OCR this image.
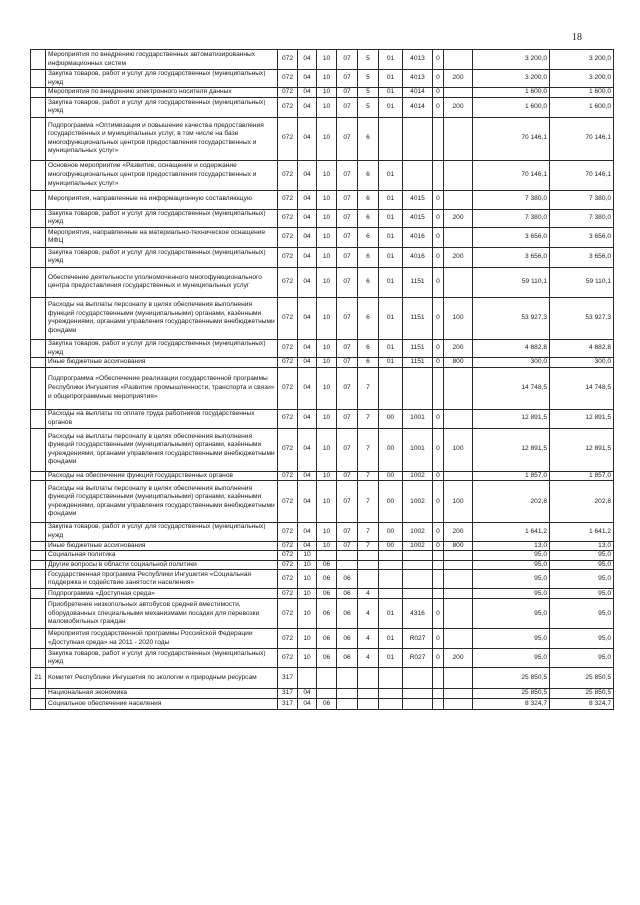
18
	Мероприятия по внедрению государственных автоматизированных информационных систем	072	04	10	07	5	01	4013	0		3 200,0	3 200,0
	Закупка товаров, работ и услуг для государственных (муниципальных) нужд	072	04	10	07	5	01	4013	0	200	3 200,0	3 200,0
	Мероприятия по внедрению электронного носителя данных	072	04	10	07	5	01	4014	0		1 600,0	1 600,0
	Закупка товаров, работ и услуг для государственных (муниципальных) нужд	072	04	10	07	5	01	4014	0	200	1 600,0	1 600,0
	Подпрограмма «Оптимизация и повышение качества предоставления государственных и муниципальных услуг, в том числе на базе многофункциональных центров предоставления государственных и муниципальных услуг»	072	04	10	07	6					70 146,1	70 146,1
	Основное мероприятие «Развитие, оснащение и содержание многофункциональных центров предоставления государственных и муниципальных услуг»	072	04	10	07	6	01				70 146,1	70 146,1
	Мероприятия, направленные на информационную составляющую	072	04	10	07	6	01	4015	0		7 380,0	7 380,0
	Закупка товаров, работ и услуг для государственных (муниципальных) нужд	072	04	10	07	6	01	4015	0	200	7 380,0	7 380,0
	Мероприятия, направленные на материально-техническое оснащение МФЦ	072	04	10	07	6	01	4016	0		3 656,0	3 656,0
	Закупка товаров, работ и услуг для государственных (муниципальных) нужд	072	04	10	07	6	01	4016	0	200	3 656,0	3 656,0
	Обеспечение деятельности уполномоченного многофункционального центра предоставления государственных и муниципальных услуг	072	04	10	07	6	01	1151	0		59 110,1	59 110,1
	Расходы на выплаты персоналу в целях обеспечения выполнения функций государственными (муниципальными) органами, казёнными учреждениями, органами управления государственными внебюджетными фондами	072	04	10	07	6	01	1151	0	100	53 927,3	53 927,3
	Закупка товаров, работ и услуг для государственных (муниципальных) нужд	072	04	10	07	6	01	1151	0	200	4 882,8	4 882,8
	Иные бюджетные ассигнования	072	04	10	07	6	01	1151	0	800	300,0	300,0
	Подпрограмма «Обеспечение реализации государственной программы Республики Ингушетия «Развитие промышленности, транспорта и связи» и общепрограммные мероприятия»	072	04	10	07	7					14 748,5	14 748,5
	Расходы на выплаты по оплате труда работников государственных органов	072	04	10	07	7	00	1001	0		12 891,5	12 891,5
	Расходы на выплаты персоналу в целях обеспечения выполнения функций государственными (муниципальными) органами, казёнными учреждениями, органами управления государственными внебюджетными фондами	072	04	10	07	7	00	1001	0	100	12 891,5	12 891,5
	Расходы на обеспечение функций государственных органов	072	04	10	07	7	00	1002	0		1 857,0	1 857,0
	Расходы на выплаты персоналу в целях обеспечения выполнения функций государственными (муниципальными) органами, казёнными учреждениями, органами управления государственными внебюджетными фондами	072	04	10	07	7	00	1002	0	100	202,8	202,8
	Закупка товаров, работ и услуг для государственных (муниципальных) нужд	072	04	10	07	7	00	1002	0	200	1 641,2	1 641,2
	Иные бюджетные ассигнования	072	04	10	07	7	00	1002	0	800	13,0	13,0
	Социальная политика	072	10								95,0	95,0
	Другие вопросы в области социальной политики	072	10	06							95,0	95,0
	Государственная программа Республики Ингушетия «Социальная поддержка и содействие занятости населения»	072	10	06	06						95,0	95,0
	Подпрограмма «Доступная среда»	072	10	06	06	4					95,0	95,0
	Приобретение низкопольных автобусов средней вместимости, оборудованных специальными механизмами посадки для перевозки маломобильных граждан	072	10	06	06	4	01	4316	0		95,0	95,0
	Мероприятия государственной программы Российской Федерации «Доступная среда» на 2011 - 2020 годы	072	10	06	06	4	01	R027	0		95,0	95,0
	Закупка товаров, работ и услуг для государственных (муниципальных) нужд	072	10	06	06	4	01	R027	0	200	95,0	95,0
21	Комитет Республики Ингушетия по экологии и природным ресурсам	317									25 850,5	25 850,5
	Национальная экономика	317	04								25 850,5	25 850,5
	Социальное обеспечение населения	317	04	06							8 324,7	8 324,7
